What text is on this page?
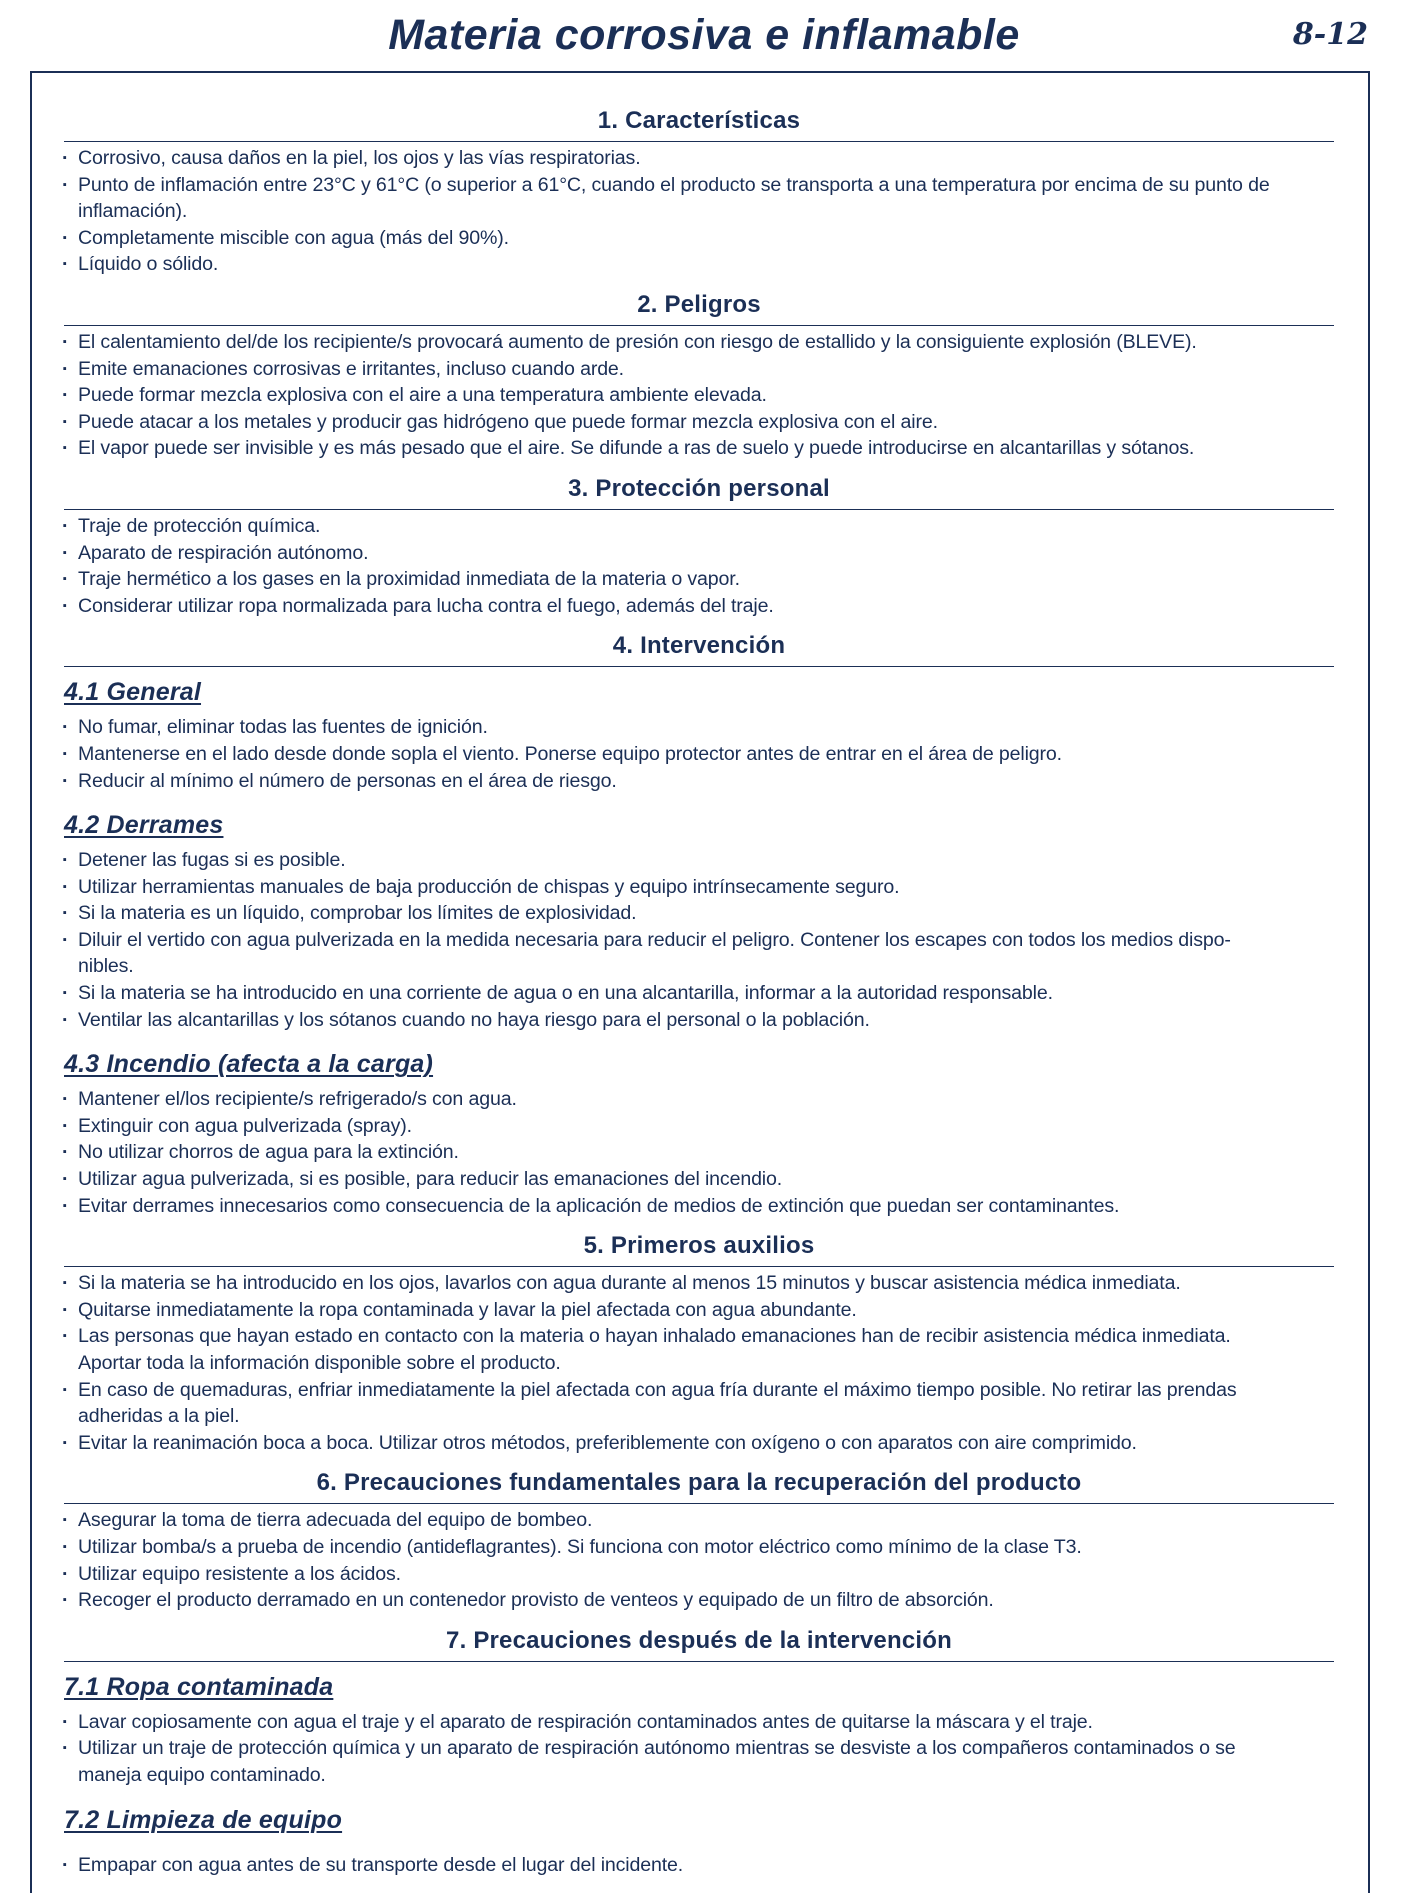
Materia corrosiva e inflamable	8-12
1. Características
· Corrosivo, causa daños en la piel, los ojos y las vías respiratorias.
· Punto de inflamación entre 23°C y 61°C (o superior a 61°C, cuando el producto se transporta a una temperatura por encima de su punto de inflamación).
· Completamente miscible con agua (más del 90%).
· Líquido o sólido.
2. Peligros
· El calentamiento del/de los recipiente/s provocará aumento de presión con riesgo de estallido y la consiguiente explosión (BLEVE).
· Emite emanaciones corrosivas e irritantes, incluso cuando arde.
· Puede formar mezcla explosiva con el aire a una temperatura ambiente elevada.
· Puede atacar a los metales y producir gas hidrógeno que puede formar mezcla explosiva con el aire.
· El vapor puede ser invisible y es más pesado que el aire. Se difunde a ras de suelo y puede introducirse en alcantarillas y sótanos.
3. Protección personal
· Traje de protección química.
· Aparato de respiración autónomo.
· Traje hermético a los gases en la proximidad inmediata de la materia o vapor.
· Considerar utilizar ropa normalizada para lucha contra el fuego, además del traje.
4. Intervención
4.1 General
· No fumar, eliminar todas las fuentes de ignición.
· Mantenerse en el lado desde donde sopla el viento. Ponerse equipo protector antes de entrar en el área de peligro.
· Reducir al mínimo el número de personas en el área de riesgo.
4.2 Derrames
· Detener las fugas si es posible.
· Utilizar herramientas manuales de baja producción de chispas y equipo intrínsecamente seguro.
· Si la materia es un líquido, comprobar los límites de explosividad.
· Diluir el vertido con agua pulverizada en la medida necesaria para reducir el peligro. Contener los escapes con todos los medios dispo-
nibles.
· Si la materia se ha introducido en una corriente de agua o en una alcantarilla, informar a la autoridad responsable.
· Ventilar las alcantarillas y los sótanos cuando no haya riesgo para el personal o la población.
4.3 Incendio (afecta a la carga)
· Mantener el/los recipiente/s refrigerado/s con agua.
· Extinguir con agua pulverizada (spray).
· No utilizar chorros de agua para la extinción.
· Utilizar agua pulverizada, si es posible, para reducir las emanaciones del incendio.
· Evitar derrames innecesarios como consecuencia de la aplicación de medios de extinción que puedan ser contaminantes.
5. Primeros auxilios
· Si la materia se ha introducido en los ojos, lavarlos con agua durante al menos 15 minutos y buscar asistencia médica inmediata.
· Quitarse inmediatamente la ropa contaminada y lavar la piel afectada con agua abundante.
· Las personas que hayan estado en contacto con la materia o hayan inhalado emanaciones han de recibir asistencia médica inmediata.
Aportar toda la información disponible sobre el producto.
· En caso de quemaduras, enfriar inmediatamente la piel afectada con agua fría durante el máximo tiempo posible. No retirar las prendas
adheridas a la piel.
· Evitar la reanimación boca a boca. Utilizar otros métodos, preferiblemente con oxígeno o con aparatos con aire comprimido.
6. Precauciones fundamentales para la recuperación del producto
· Asegurar la toma de tierra adecuada del equipo de bombeo.
· Utilizar bomba/s a prueba de incendio (antideflagrantes). Si funciona con motor eléctrico como mínimo de la clase T3.
· Utilizar equipo resistente a los ácidos.
· Recoger el producto derramado en un contenedor provisto de venteos y equipado de un filtro de absorción.
7. Precauciones después de la intervención
7.1 Ropa contaminada
· Lavar copiosamente con agua el traje y el aparato de respiración contaminados antes de quitarse la máscara y el traje.
· Utilizar un traje de protección química y un aparato de respiración autónomo mientras se desviste a los compañeros contaminados o se
maneja equipo contaminado.
7.2 Limpieza de equipo
· Empapar con agua antes de su transporte desde el lugar del incidente.
